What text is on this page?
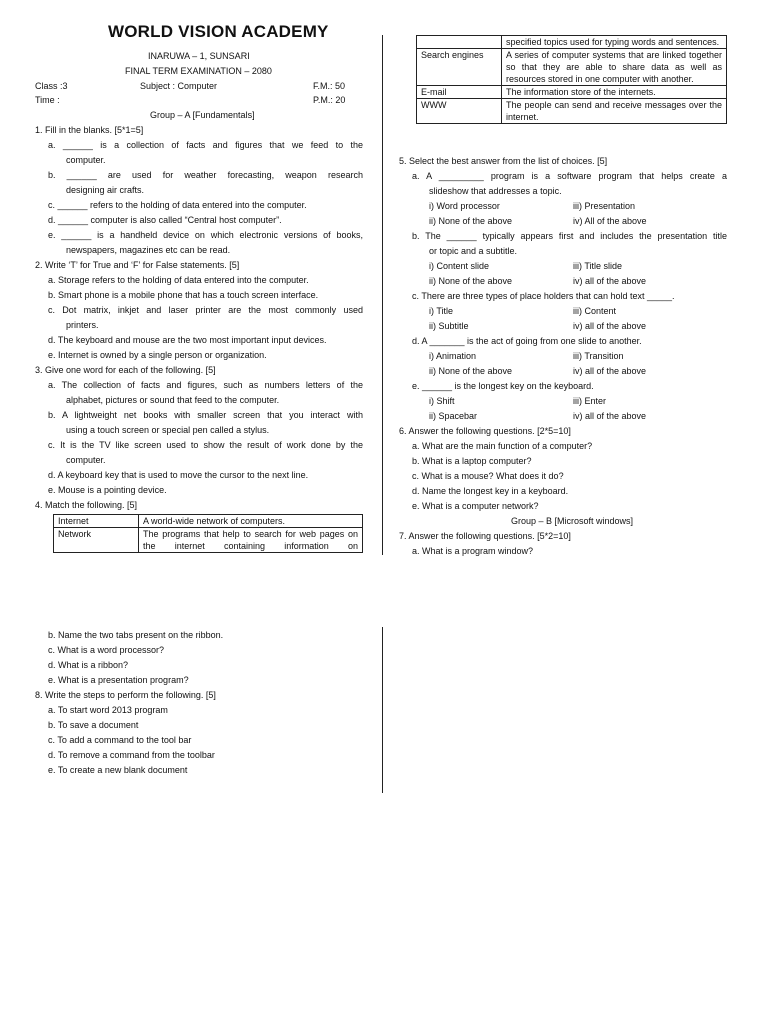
WORLD VISION ACADEMY
INARUWA – 1, SUNSARI
FINAL TERM EXAMINATION – 2080
Class :3	Subject : Computer	F.M.: 50
Time :	P.M.: 20
Group – A [Fundamentals]
1. Fill in the blanks. [5*1=5]
a. ______ is a collection of facts and figures that we feed to the
computer.
b. ______ are used for weather forecasting, weapon research
designing air crafts.
c. ______ refers to the holding of data entered into the computer.
d. ______ computer is also called “Central host computer”.
e. ______ is a handheld device on which electronic versions of books,
newspapers, magazines etc can be read.
2. Write ‘T’ for True and ‘F’ for False statements. [5]
a. Storage refers to the holding of data entered into the computer.
b. Smart phone is a mobile phone that has a touch screen interface.
c. Dot matrix, inkjet and laser printer are the most commonly used
printers.
d. The keyboard and mouse are the two most important input devices.
e. Internet is owned by a single person or organization.
3. Give one word for each of the following. [5]
a. The collection of facts and figures, such as numbers letters of the
alphabet, pictures or sound that feed to the computer.
b. A lightweight net books with smaller screen that you interact with
using a touch screen or special pen called a stylus.
c. It is the TV like screen used to show the result of work done by the
computer.
d. A keyboard key that is used to move the cursor to the next line.
e. Mouse is a pointing device.
4. Match the following. [5]
Internet	A world-wide network of computers.
Network	The programs that help to search for web pages on the internet containing information on
	specified topics used for typing words and sentences.
Search engines	A series of computer systems that are linked together so that they are able to share data as well as resources stored in one computer with another.
E-mail	The information store of the internets.
WWW	The people can send and receive messages over the internet.
5. Select the best answer from the list of choices. [5]
a. A _________ program is a software program that helps create a
slideshow that addresses a topic.
i) Word processor	iii) Presentation
ii) None of the above	iv) All of the above
b. The ______ typically appears first and includes the presentation title
or topic and a subtitle.
i) Content slide	iii) Title slide
ii) None of the above	iv) all of the above
c. There are three types of place holders that can hold text _____.
i) Title	iii) Content
ii) Subtitle	iv) all of the above
d. A _______ is the act of going from one slide to another.
i) Animation	iii) Transition
ii) None of the above	iv) all of the above
e. ______ is the longest key on the keyboard.
i) Shift	iii) Enter
ii) Spacebar	iv) all of the above
6. Answer the following questions. [2*5=10]
a. What are the main function of a computer?
b. What is a laptop computer?
c. What is a mouse? What does it do?
d. Name the longest key in a keyboard.
e. What is a computer network?
Group – B [Microsoft windows]
7. Answer the following questions. [5*2=10]
a. What is a program window?
b. Name the two tabs present on the ribbon.
c. What is a word processor?
d. What is a ribbon?
e. What is a presentation program?
8. Write the steps to perform the following. [5]
a. To start word 2013 program
b. To save a document
c. To add a command to the tool bar
d. To remove a command from the toolbar
e. To create a new blank document
